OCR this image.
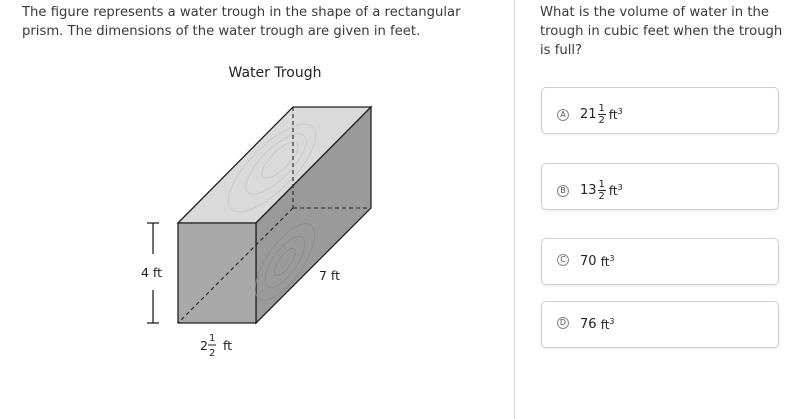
The figure represents a water trough in the shape of a rectangular prism. The dimensions of the water trough are given in feet.
Water Trough
4 ft	7 ft
2 1
2
ft
What is the volume of water in the trough in cubic feet when the trough is full?
A $21 \frac{1}{2} ft^3$
B $13 \frac{1}{2} ft^3$
C 70
$ft^3$
D 76
$ft^3$
